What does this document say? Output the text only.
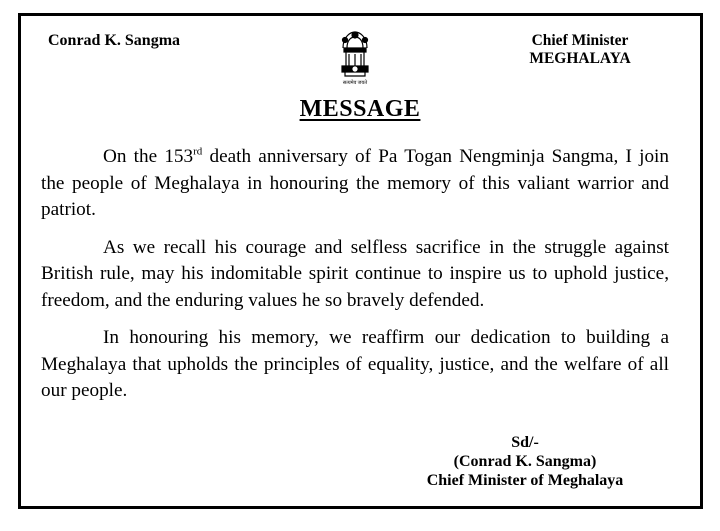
Conrad K. Sangma
सत्यमेव जयते
Chief Minister
MEGHALAYA
MESSAGE

On the 153rd death anniversary of Pa Togan Nengminja Sangma, I join the people of Meghalaya in honouring the memory of this valiant warrior and patriot.

As we recall his courage and selfless sacrifice in the struggle against British rule, may his indomitable spirit continue to inspire us to uphold justice, freedom, and the enduring values he so bravely defended.

In honouring his memory, we reaffirm our dedication to building a Meghalaya that upholds the principles of equality, justice, and the welfare of all our people.

Sd/-
(Conrad K. Sangma)
Chief Minister of Meghalaya
